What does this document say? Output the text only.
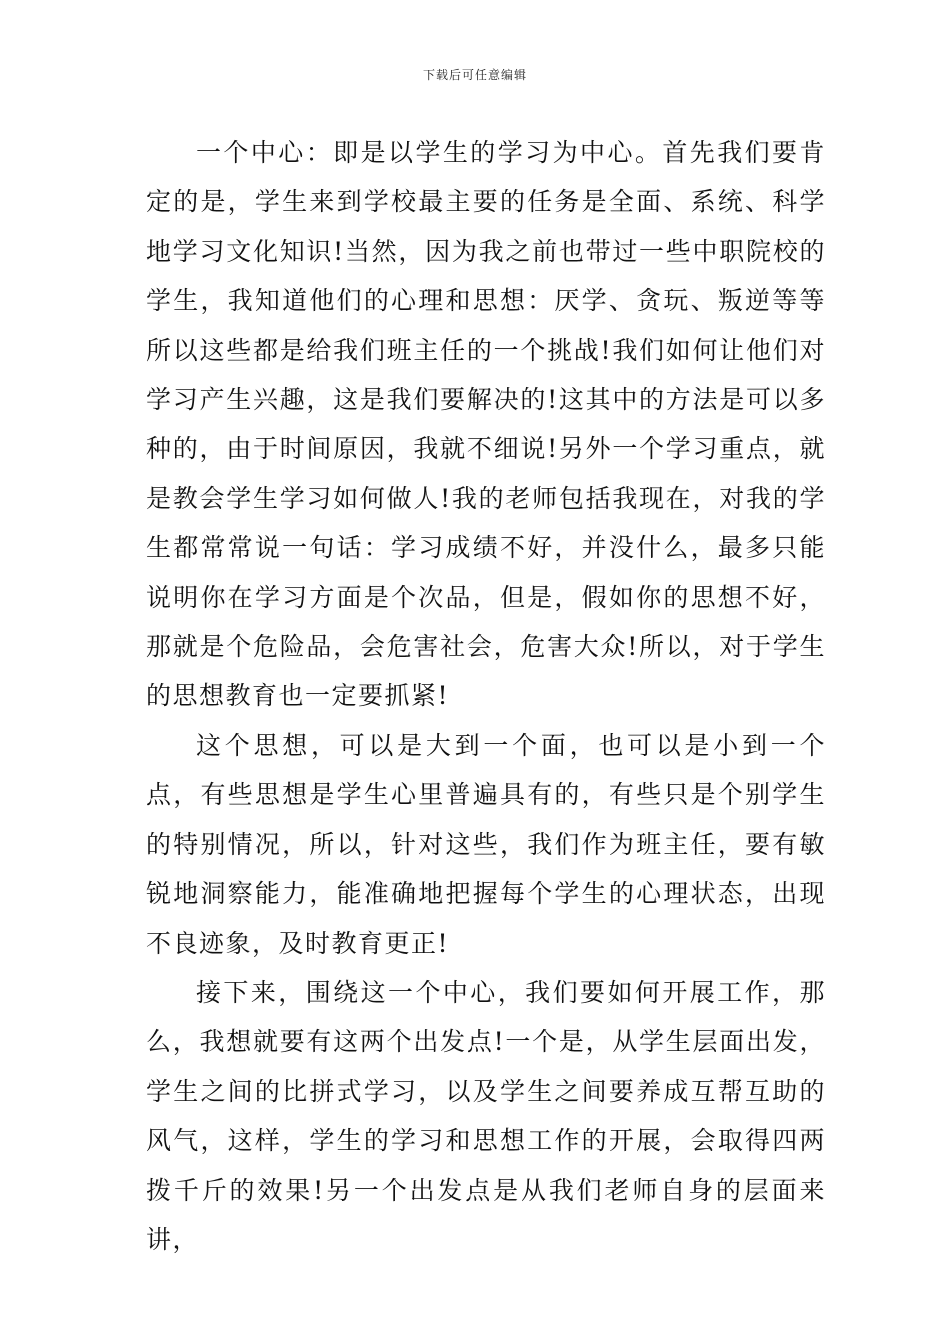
下载后可任意编辑

一个中心：即是以学生的学习为中心。首先我们要肯定的是，学生来到学校最主要的任务是全面、系统、科学地学习文化知识!当然，因为我之前也带过一些中职院校的学生，我知道他们的心理和思想：厌学、贪玩、叛逆等等所以这些都是给我们班主任的一个挑战!我们如何让他们对学习产生兴趣，这是我们要解决的!这其中的方法是可以多种的，由于时间原因，我就不细说!另外一个学习重点，就是教会学生学习如何做人!我的老师包括我现在，对我的学生都常常说一句话：学习成绩不好，并没什么，最多只能说明你在学习方面是个次品，但是，假如你的思想不好，那就是个危险品，会危害社会，危害大众!所以，对于学生的思想教育也一定要抓紧!

这个思想，可以是大到一个面，也可以是小到一个点，有些思想是学生心里普遍具有的，有些只是个别学生的特别情况，所以，针对这些，我们作为班主任，要有敏锐地洞察能力，能准确地把握每个学生的心理状态，出现不良迹象，及时教育更正!

接下来，围绕这一个中心，我们要如何开展工作，那么，我想就要有这两个出发点!一个是，从学生层面出发，学生之间的比拼式学习，以及学生之间要养成互帮互助的风气，这样，学生的学习和思想工作的开展，会取得四两拨千斤的效果!另一个出发点是从我们老师自身的层面来讲，
